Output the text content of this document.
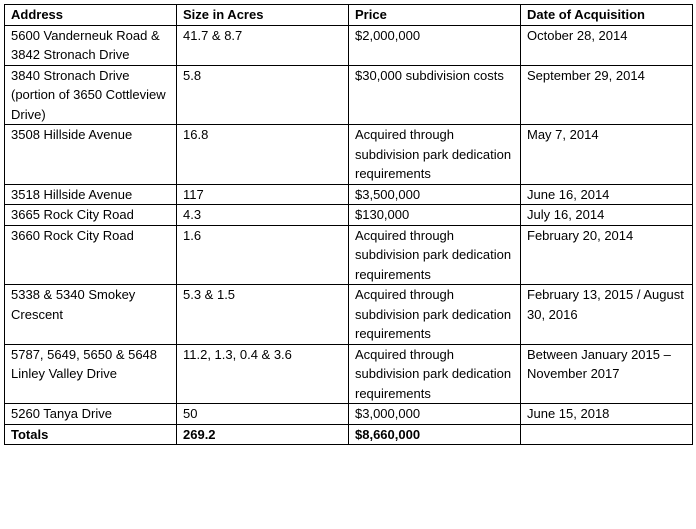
Address	Size in Acres	Price	Date of Acquisition
5600 Vanderneuk Road & 3842 Stronach Drive	41.7 & 8.7	$2,000,000	October 28, 2014
3840 Stronach Drive (portion of 3650 Cottleview Drive)	5.8	$30,000 subdivision costs	September 29, 2014
3508 Hillside Avenue	16.8	Acquired through subdivision park dedication requirements	May 7, 2014
3518 Hillside Avenue	117	$3,500,000	June 16, 2014
3665 Rock City Road	4.3	$130,000	July 16, 2014
3660 Rock City Road	1.6	Acquired through subdivision park dedication requirements	February 20, 2014
5338 & 5340 Smokey Crescent	5.3 & 1.5	Acquired through subdivision park dedication requirements	February 13, 2015 / August 30, 2016
5787, 5649, 5650 & 5648 Linley Valley Drive	11.2, 1.3, 0.4 & 3.6	Acquired through subdivision park dedication requirements	Between January 2015 – November 2017
5260 Tanya Drive	50	$3,000,000	June 15, 2018
Totals	269.2	$8,660,000	
